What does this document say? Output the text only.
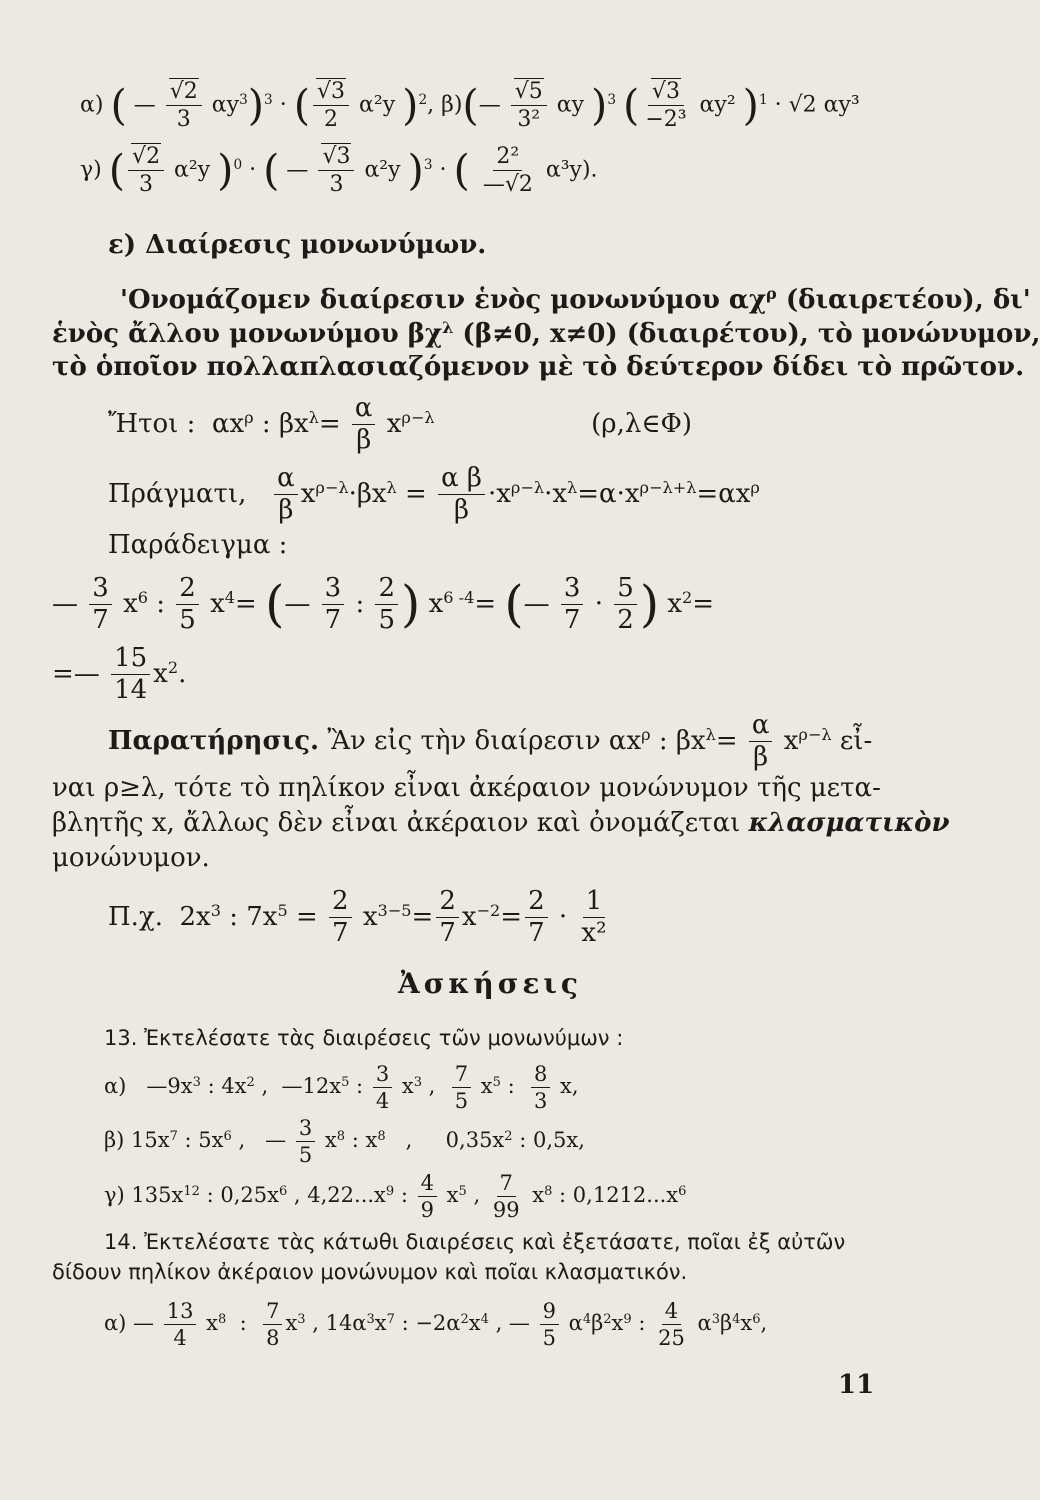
α) ( — $\frac{√2}{3} \alpha y^3)^3$ · ( $\frac{√3}{2} \alpha^2y$ )$^2$, β)(— $\frac{√5}{\text{3²}}$ αy )$^3$ ( $\frac{√3}{\text{−2³}} \alpha y^2$ )$^1$ · √2 αy³
γ) ( $\frac{√2}{3} \alpha^2y$ )$^0$ · ( — $\frac{√3}{3} \alpha^2y$ )$^3$ · ( $\frac{\text{2²}}{—√2} \alpha^3y$).
ε) Διαίρεσις μονωνύμων.
'Ονομάζομεν διαίρεσιν ἑνὸς μονωνύμου $\alpha\chi^\rho$ (διαιρετέου), δι'
ἑνὸς ἄλλου μονωνύμου $\beta\chi^\lambda$ (β≠0, x≠0) (διαιρέτου), τὸ μονώνυμον,
τὸ ὁποῖον πολλαπλασιαζόμενον μὲ τὸ δεύτερον δίδει τὸ πρῶτον.
Ἤτοι : $\alpha x^\rho$ : $\beta x^\lambda= \frac{\alpha}{\beta} x^{\rho-\lambda}$	(ρ,λ∈Φ)
Πράγματι, $\frac{\alpha}{\beta} x^{\rho-\lambda}\cdot\beta x^\lambda = \frac{\text{α β}}{\beta} \cdot x^{\rho-\lambda}\cdot x^\lambda=\alpha\cdot x^{\rho-\lambda+\lambda}=\alpha x^\rho$
Παράδειγμα :
— $\frac{3}{7} x^6$ : $\frac{2}{5} x^4=$ (— $\frac{3}{7}$ : $\frac{2}{5}$ ) $x^{6 -4}=$ (— $\frac{3}{7} \cdot \frac{5}{2}$ ) $x^2=$
=— $\frac{15}{14} x^2$.
Παρατήρησις. Ἂν εἰς τὴν διαίρεσιν $\alpha x^\rho$ : $\beta x^\lambda= \frac{\alpha}{\beta} x^{\rho-\lambda}$ εἶ-
ναι ρ≥λ, τότε τὸ πηλίκον εἶναι ἀκέραιον μονώνυμον τῆς μετα-
βλητῆς x, ἄλλως δὲν εἶναι ἀκέραιον καὶ ὀνομάζεται κλασματικὸν
μονώνυμον.
Π.χ.  $2x^3$ : $7x^5 = \frac{2}{7} x^{3-5}= \frac{2}{7} x^{-2}= \frac{2}{7} \cdot \frac{1}{\text{x²}}$
Ἀσκήσεις
13. Ἐκτελέσατε τὰς διαιρέσεις τῶν μονωνύμων :
α)   $—9x^3$ : $4x^2$ ,  $—12x^5$ : $\frac{3}{4} x^3$ , $\frac{7}{5} x^5$ : $\frac{8}{3} x$,
β) $15x^7$ : $5x^6$ ,   — $\frac{3}{5} x^8$ : $x^8$   ,     $0,35x^2$ : 0,5x,
γ) $135x^{12}$ : $0,25x^6$ , $4,22...x^9$ : $\frac{4}{9} x^5$ , $\frac{7}{99} x^8$ : $0,1212...x^6$
14. Ἐκτελέσατε τὰς κάτωθι διαιρέσεις καὶ ἐξετάσατε, ποῖαι ἐξ αὐτῶν
δίδουν πηλίκον ἀκέραιον μονώνυμον καὶ ποῖαι κλασματικόν.
α) — $\frac{13}{4} x^8$  : $\frac{7}{8} x^3$ , $14\alpha^3x^7$ : $-2\alpha^2x^4$ , — $\frac{9}{5} \alpha^4\beta^2x^9$ : $\frac{4}{25} \alpha^3\beta^4x^6$,
11
